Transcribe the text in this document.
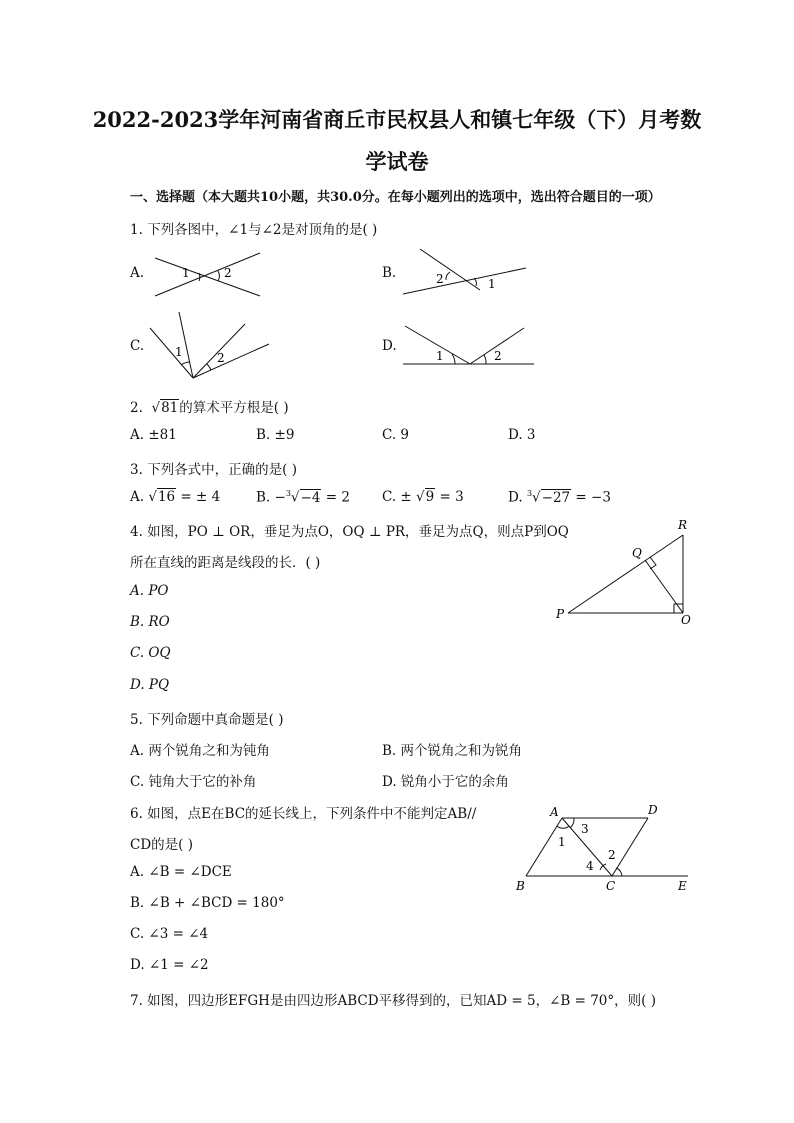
2022-2023学年河南省商丘市民权县人和镇七年级（下）月考数
学试卷
一、选择题（本大题共10小题，共30.0分。在每小题列出的选项中，选出符合题目的一项）
1. 下列各图中，∠1与∠2是对顶角的是( )
A.	1	2	B.	2	1
C.	1	2
D.
1	2
2.  √81的算术平方根是( )
A. ±81	B. ±9	C. 9	D. 3
3. 下列各式中，正确的是( )
A. √16 = ± 4	B. −$^3$√−4 = 2 C. ± √9 = 3	D. $^3$√−27 = −3
4. 如图，PO ⊥ OR，垂足为点O，OQ ⊥ PR，垂足为点Q，则点P到OQ
所在直线的距离是线段的长．( )
A. PO
B. RO
C. OQ
D. PQ
R
Q
P	O
5. 下列命题中真命题是( )
A. 两个锐角之和为钝角	B. 两个锐角之和为锐角
C. 钝角大于它的补角	D. 锐角小于它的余角
6. 如图，点E在BC的延长线上，下列条件中不能判定AB//
CD的是( )
A. ∠B = ∠DCE
B. ∠B + ∠BCD = 180°
C. ∠3 = ∠4
D. ∠1 = ∠2
A	D
B	C	E
1
3
4
2
7. 如图，四边形EFGH是由四边形ABCD平移得到的，已知AD = 5，∠B = 70°，则( )
